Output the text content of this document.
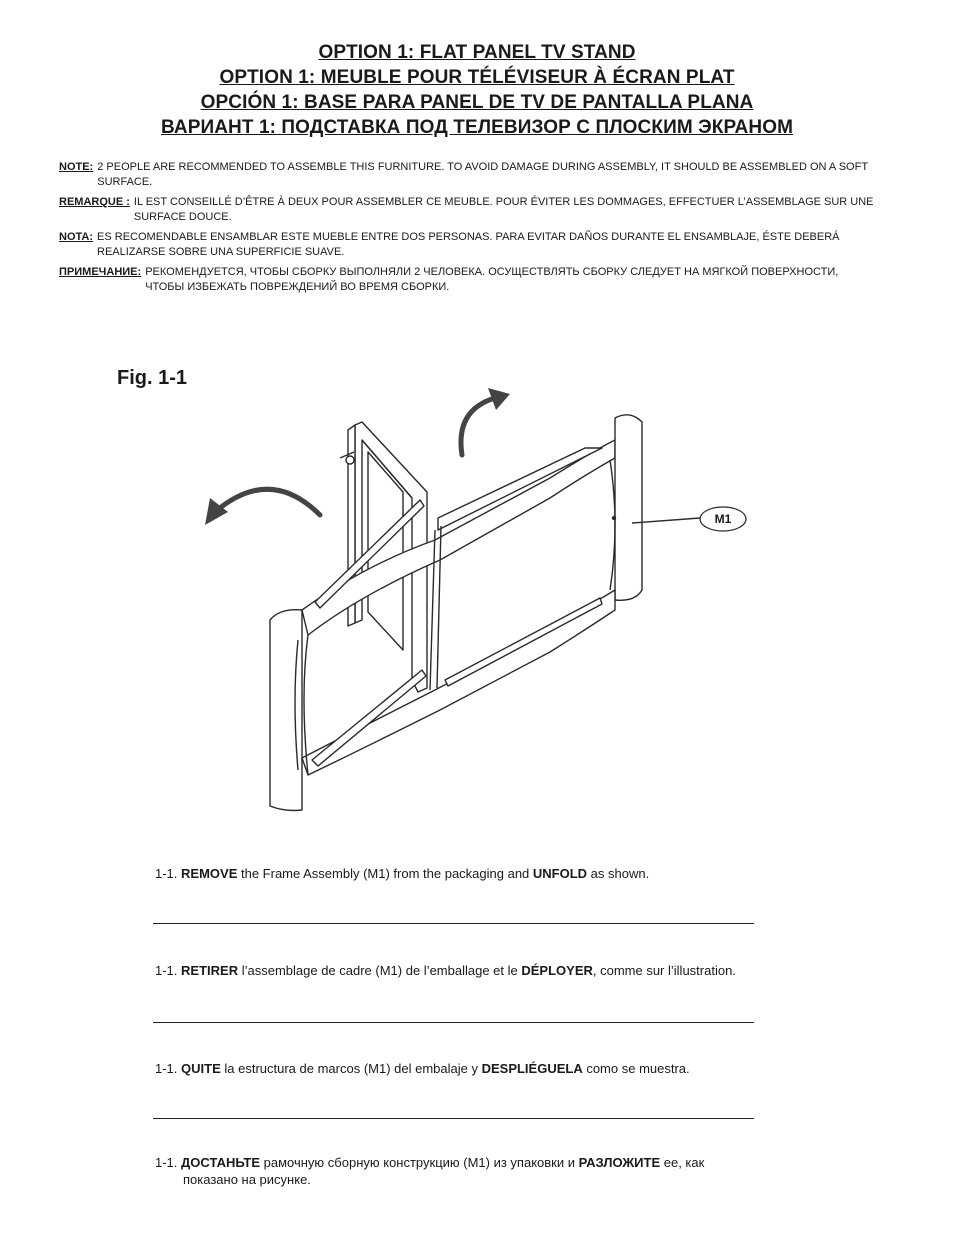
OPTION 1: FLAT PANEL TV STAND
OPTION 1: MEUBLE POUR TÉLÉVISEUR À ÉCRAN PLAT
OPCIÓN 1: BASE PARA PANEL DE TV DE PANTALLA PLANA
ВАРИАНТ 1: ПОДСТАВКА ПОД ТЕЛЕВИЗОР С ПЛОСКИМ ЭКРАНОМ
NOTE: 2 PEOPLE ARE RECOMMENDED TO ASSEMBLE THIS FURNITURE. TO AVOID DAMAGE DURING ASSEMBLY, IT SHOULD BE ASSEMBLED ON A SOFT SURFACE.
REMARQUE : IL EST CONSEILLÉ D’ÊTRE À DEUX POUR ASSEMBLER CE MEUBLE. POUR ÉVITER LES DOMMAGES, EFFECTUER L’ASSEMBLAGE SUR UNE SURFACE DOUCE.
NOTA: ES RECOMENDABLE ENSAMBLAR ESTE MUEBLE ENTRE DOS PERSONAS. PARA EVITAR DAÑOS DURANTE EL ENSAMBLAJE, ÉSTE DEBERÁ REALIZARSE SOBRE UNA SUPERFICIE SUAVE.
ПРИМЕЧАНИЕ: РЕКОМЕНДУЕТСЯ, ЧТОБЫ СБОРКУ ВЫПОЛНЯЛИ 2 ЧЕЛОВЕКА. ОСУЩЕСТВЛЯТЬ СБОРКУ СЛЕДУЕТ НА МЯГКОЙ ПОВЕРХНОСТИ, ЧТОБЫ ИЗБЕЖАТЬ ПОВРЕЖДЕНИЙ ВО ВРЕМЯ СБОРКИ.
Fig. 1-1
M1
1-1. REMOVE the Frame Assembly (M1) from the packaging and UNFOLD as shown.
1-1. RETIRER l’assemblage de cadre (M1) de l’emballage et le DÉPLOYER, comme sur l’illustration.
1-1. QUITE la estructura de marcos (M1) del embalaje y DESPLIÉGUELA como se muestra.
1-1. ДОСТАНЬТЕ рамочную сборную конструкцию (M1) из упаковки и РАЗЛОЖИТЕ ее, как
показано на рисунке.
